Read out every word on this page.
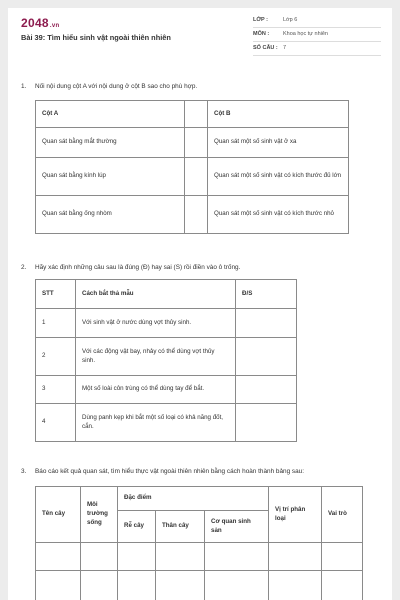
2048.vn
Bài 39: Tìm hiểu sinh vật ngoài thiên nhiên
LỚP :	Lớp 6
MÔN :	Khoa học tự nhiên
SỐ CÂU : 7
1. Nối nội dung cột A với nội dung ở cột B sao cho phù hợp.
Cột A		Cột B
Quan sát bằng mắt thường		Quan sát một số sinh vật ở xa
Quan sát bằng kính lúp		Quan sát một số sinh vật có kích thước đủ lớn
Quan sát bằng ống nhòm		Quan sát một số sinh vật có kích thước nhỏ
2. Hãy xác định những câu sau là đúng (Đ) hay sai (S) rồi điền vào ô trống.
STT	Cách bắt thả mẫu	Đ/S
1	Với sinh vật ở nước dùng vợt thủy sinh.	
2	Với các động vật bay, nhảy có thể dùng vợt thủy sinh.	
3	Một số loài côn trùng có thể dùng tay để bắt.	
4	Dùng panh kẹp khi bắt một số loại có khả năng đốt, cắn.	
3. Báo cáo kết quả quan sát, tìm hiểu thực vật ngoài thiên nhiên bằng cách hoàn thành bảng sau:
Tên cây	Môi trường sống	Đặc điểm			Vị trí phân loại	Vai trò
		Rễ cây	Thân cây	Cơ quan sinh sản		
